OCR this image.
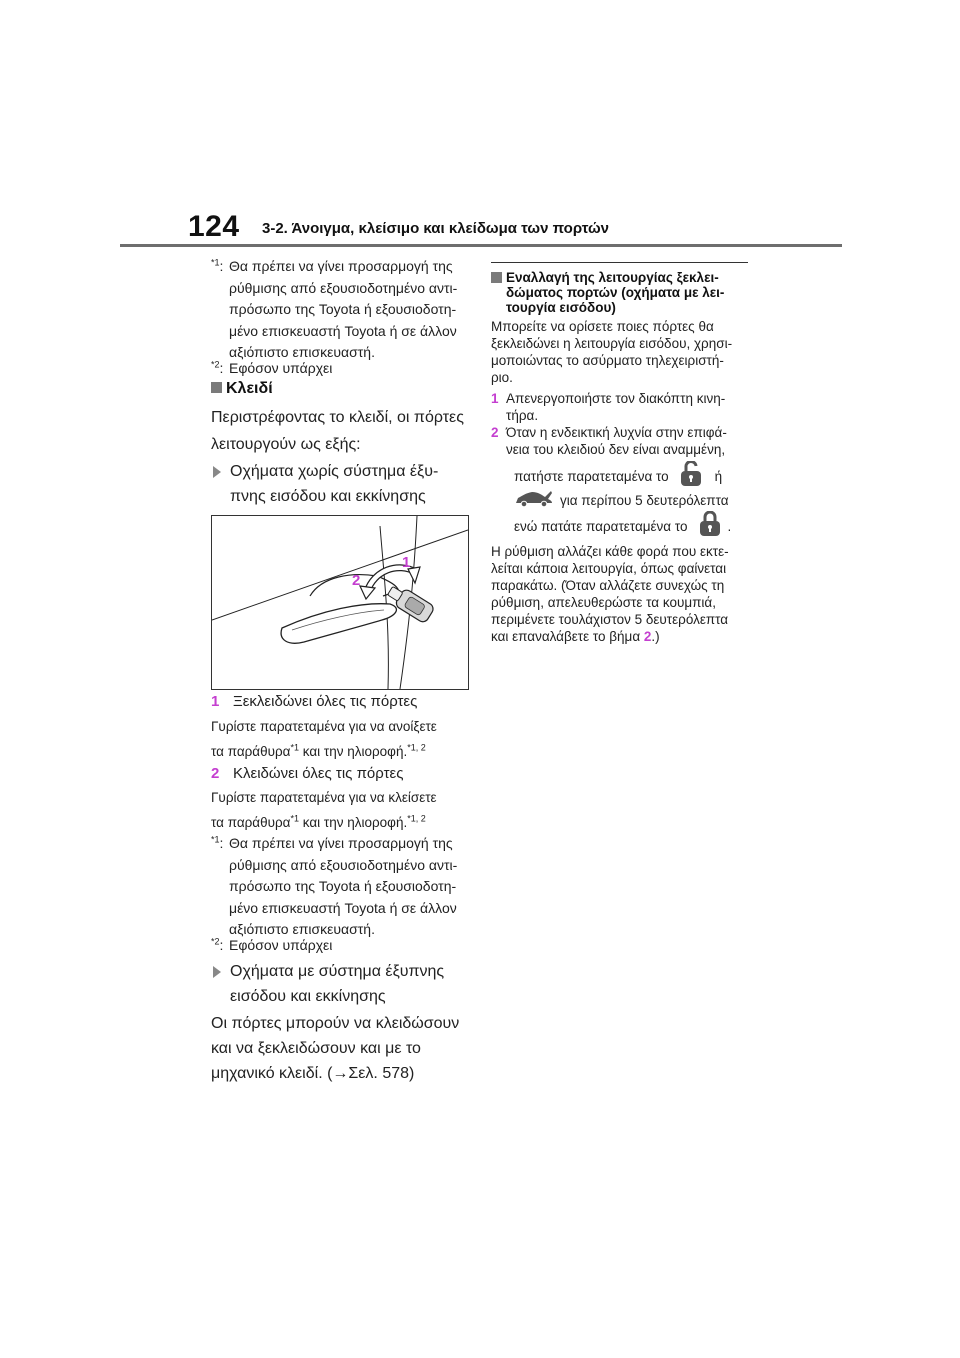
124 3-2. Άνοιγμα, κλείσιμο και κλείδωμα των πορτών
$^{*1}$: Θα πρέπει να γίνει προσαρμογή της
ρύθμισης από εξουσιοδοτημένο αντι-
πρόσωπο της Toyota ή εξουσιοδοτη-
μένο επισκευαστή Toyota ή σε άλλον
αξιόπιστο επισκευαστή.
$^{*2}$: Εφόσον υπάρχει
Κλειδί
Περιστρέφοντας το κλειδί, οι πόρτες
λειτουργούν ως εξής:
Οχήματα χωρίς σύστημα έξυ-
πνης εισόδου και εκκίνησης
1
2
1 Ξεκλειδώνει όλες τις πόρτες
Γυρίστε παρατεταμένα για να ανοίξετε
τα παράθυρα$^{*1}$ και την ηλιοροφή.$^{*1, 2}$
2 Κλειδώνει όλες τις πόρτες
Γυρίστε παρατεταμένα για να κλείσετε
τα παράθυρα$^{*1}$ και την ηλιοροφή.$^{*1, 2}$
$^{*1}$: Θα πρέπει να γίνει προσαρμογή της
ρύθμισης από εξουσιοδοτημένο αντι-
πρόσωπο της Toyota ή εξουσιοδοτη-
μένο επισκευαστή Toyota ή σε άλλον
αξιόπιστο επισκευαστή.
$^{*2}$: Εφόσον υπάρχει
Οχήματα με σύστημα έξυπνης
εισόδου και εκκίνησης
Οι πόρτες μπορούν να κλειδώσουν
και να ξεκλειδώσουν και με το
μηχανικό κλειδί. (→Σελ. 578)
Εναλλαγή της λειτουργίας ξεκλει-
δώματος πορτών (οχήματα με λει-
τουργία εισόδου)
Μπορείτε να ορίσετε ποιες πόρτες θα
ξεκλειδώνει η λειτουργία εισόδου, χρησι-
μοποιώντας το ασύρματο τηλεχειριστή-
ριο.
1 Απενεργοποιήστε τον διακόπτη κινη-
τήρα.
2 Όταν η ενδεικτική λυχνία στην επιφά-
νεια του κλειδιού δεν είναι αναμμένη,
πατήστε παρατεταμένα το	ή
για περίπου 5 δευτερόλεπτα
ενώ πατάτε παρατεταμένα το	.
Η ρύθμιση αλλάζει κάθε φορά που εκτε-
λείται κάποια λειτουργία, όπως φαίνεται
παρακάτω. (Όταν αλλάζετε συνεχώς τη
ρύθμιση, απελευθερώστε τα κουμπιά,
περιμένετε τουλάχιστον 5 δευτερόλεπτα
και επαναλάβετε το βήμα 2.)
